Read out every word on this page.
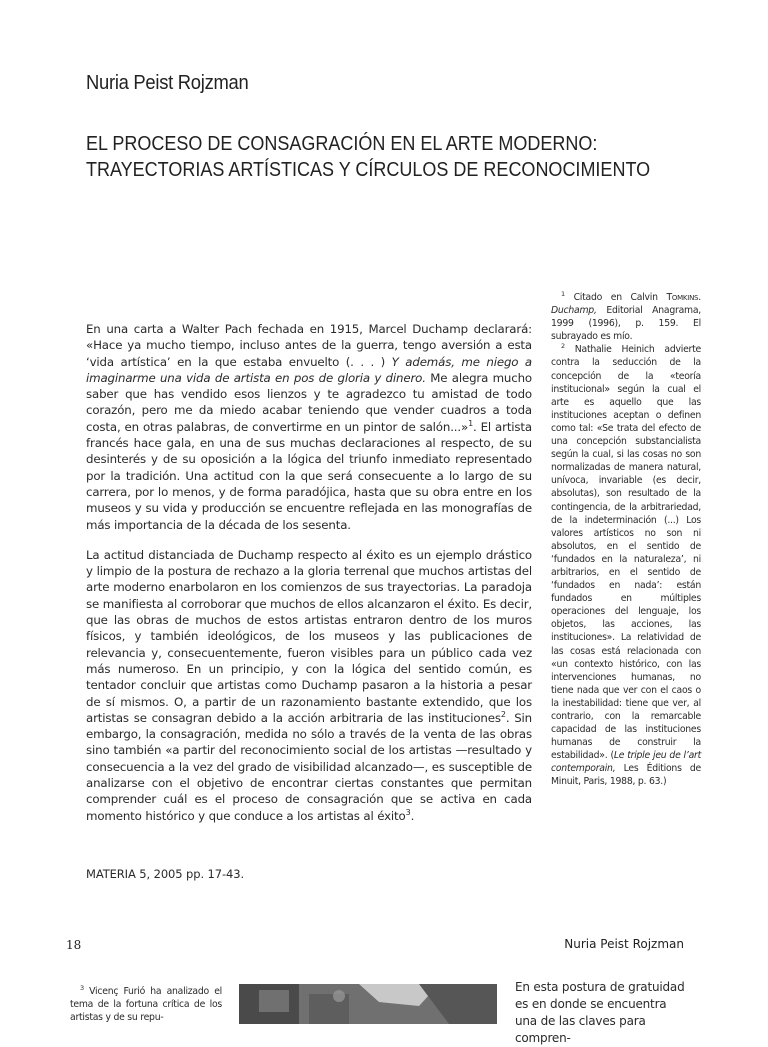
Nuria Peist Rojzman
EL PROCESO DE CONSAGRACIÓN EN EL ARTE MODERNO:
TRAYECTORIAS ARTÍSTICAS Y CÍRCULOS DE RECONOCIMIENTO

$^1$ Citado en Calvin Tomkins. Duchamp, Editorial Anagrama, 1999 (1996), p. 159. El subrayado es mío.

$^2$ Nathalie Heinich advierte contra la seducción de la concepción de la «teoría institucional» según la cual el arte es aquello que las instituciones aceptan o definen como tal: «Se trata del efecto de una concepción substancialista según la cual, si las cosas no son normalizadas de manera natural, unívoca, invariable (es decir, absolutas), son resultado de la contingencia, de la arbitrariedad, de la indeterminación (...) Los valores artísticos no son ni absolutos, en el sentido de ‘fundados en la naturaleza’, ni arbitrarios, en el sentido de ‘fundados en nada’: están fundados en múltiples operaciones del lenguaje, los objetos, las acciones, las instituciones». La relatividad de las cosas está relacionada con «un contexto histórico, con las intervenciones humanas, no tiene nada que ver con el caos o la inestabilidad: tiene que ver, al contrario, con la remarcable capacidad de las instituciones humanas de construir la estabilidad». (Le triple jeu de l’art contemporain, Les Éditions de Minuit, Paris, 1988, p. 63.)

En una carta a Walter Pach fechada en 1915, Marcel Duchamp declarará: «Hace ya mucho tiempo, incluso antes de la guerra, tengo aversión a esta ‘vida artística’ en la que estaba envuelto (. . . ) Y además, me niego a imaginarme una vida de artista en pos de gloria y dinero. Me alegra mucho saber que has vendido esos lienzos y te agradezco tu amistad de todo corazón, pero me da miedo acabar teniendo que vender cuadros a toda costa, en otras palabras, de convertirme en un pintor de salón...»$^1$. El artista francés hace gala, en una de sus muchas declaraciones al respecto, de su desinterés y de su oposición a la lógica del triunfo inmediato representado por la tradición. Una actitud con la que será consecuente a lo largo de su carrera, por lo menos, y de forma paradójica, hasta que su obra entre en los museos y su vida y producción se encuentre reflejada en las monografías de más importancia de la década de los sesenta.

La actitud distanciada de Duchamp respecto al éxito es un ejemplo drástico y limpio de la postura de rechazo a la gloria terrenal que muchos artistas del arte moderno enarbolaron en los comienzos de sus trayectorias. La paradoja se manifiesta al corroborar que muchos de ellos alcanzaron el éxito. Es decir, que las obras de muchos de estos artistas entraron dentro de los muros físicos, y también ideológicos, de los museos y las publicaciones de relevancia y, consecuentemente, fueron visibles para un público cada vez más numeroso. En un principio, y con la lógica del sentido común, es tentador concluir que artistas como Duchamp pasaron a la historia a pesar de sí mismos. O, a partir de un razonamiento bastante extendido, que los artistas se consagran debido a la acción arbitraria de las instituciones$^2$. Sin embargo, la consagración, medida no sólo a través de la venta de las obras sino también «a partir del reconocimiento social de los artistas —resultado y consecuencia a la vez del grado de visibilidad alcanzado—, es susceptible de analizarse con el objetivo de encontrar ciertas constantes que permitan comprender cuál es el proceso de consagración que se activa en cada momento histórico y que conduce a los artistas al éxito$^3$.

MATERIA 5, 2005 pp. 17-43.
18	Nuria Peist Rojzman

$^3$ Vicenç Furió ha analizado el tema de la fortuna crítica de los artistas y de su repu-

En esta postura de gratuidad es en donde se encuentra una de las claves para compren-
